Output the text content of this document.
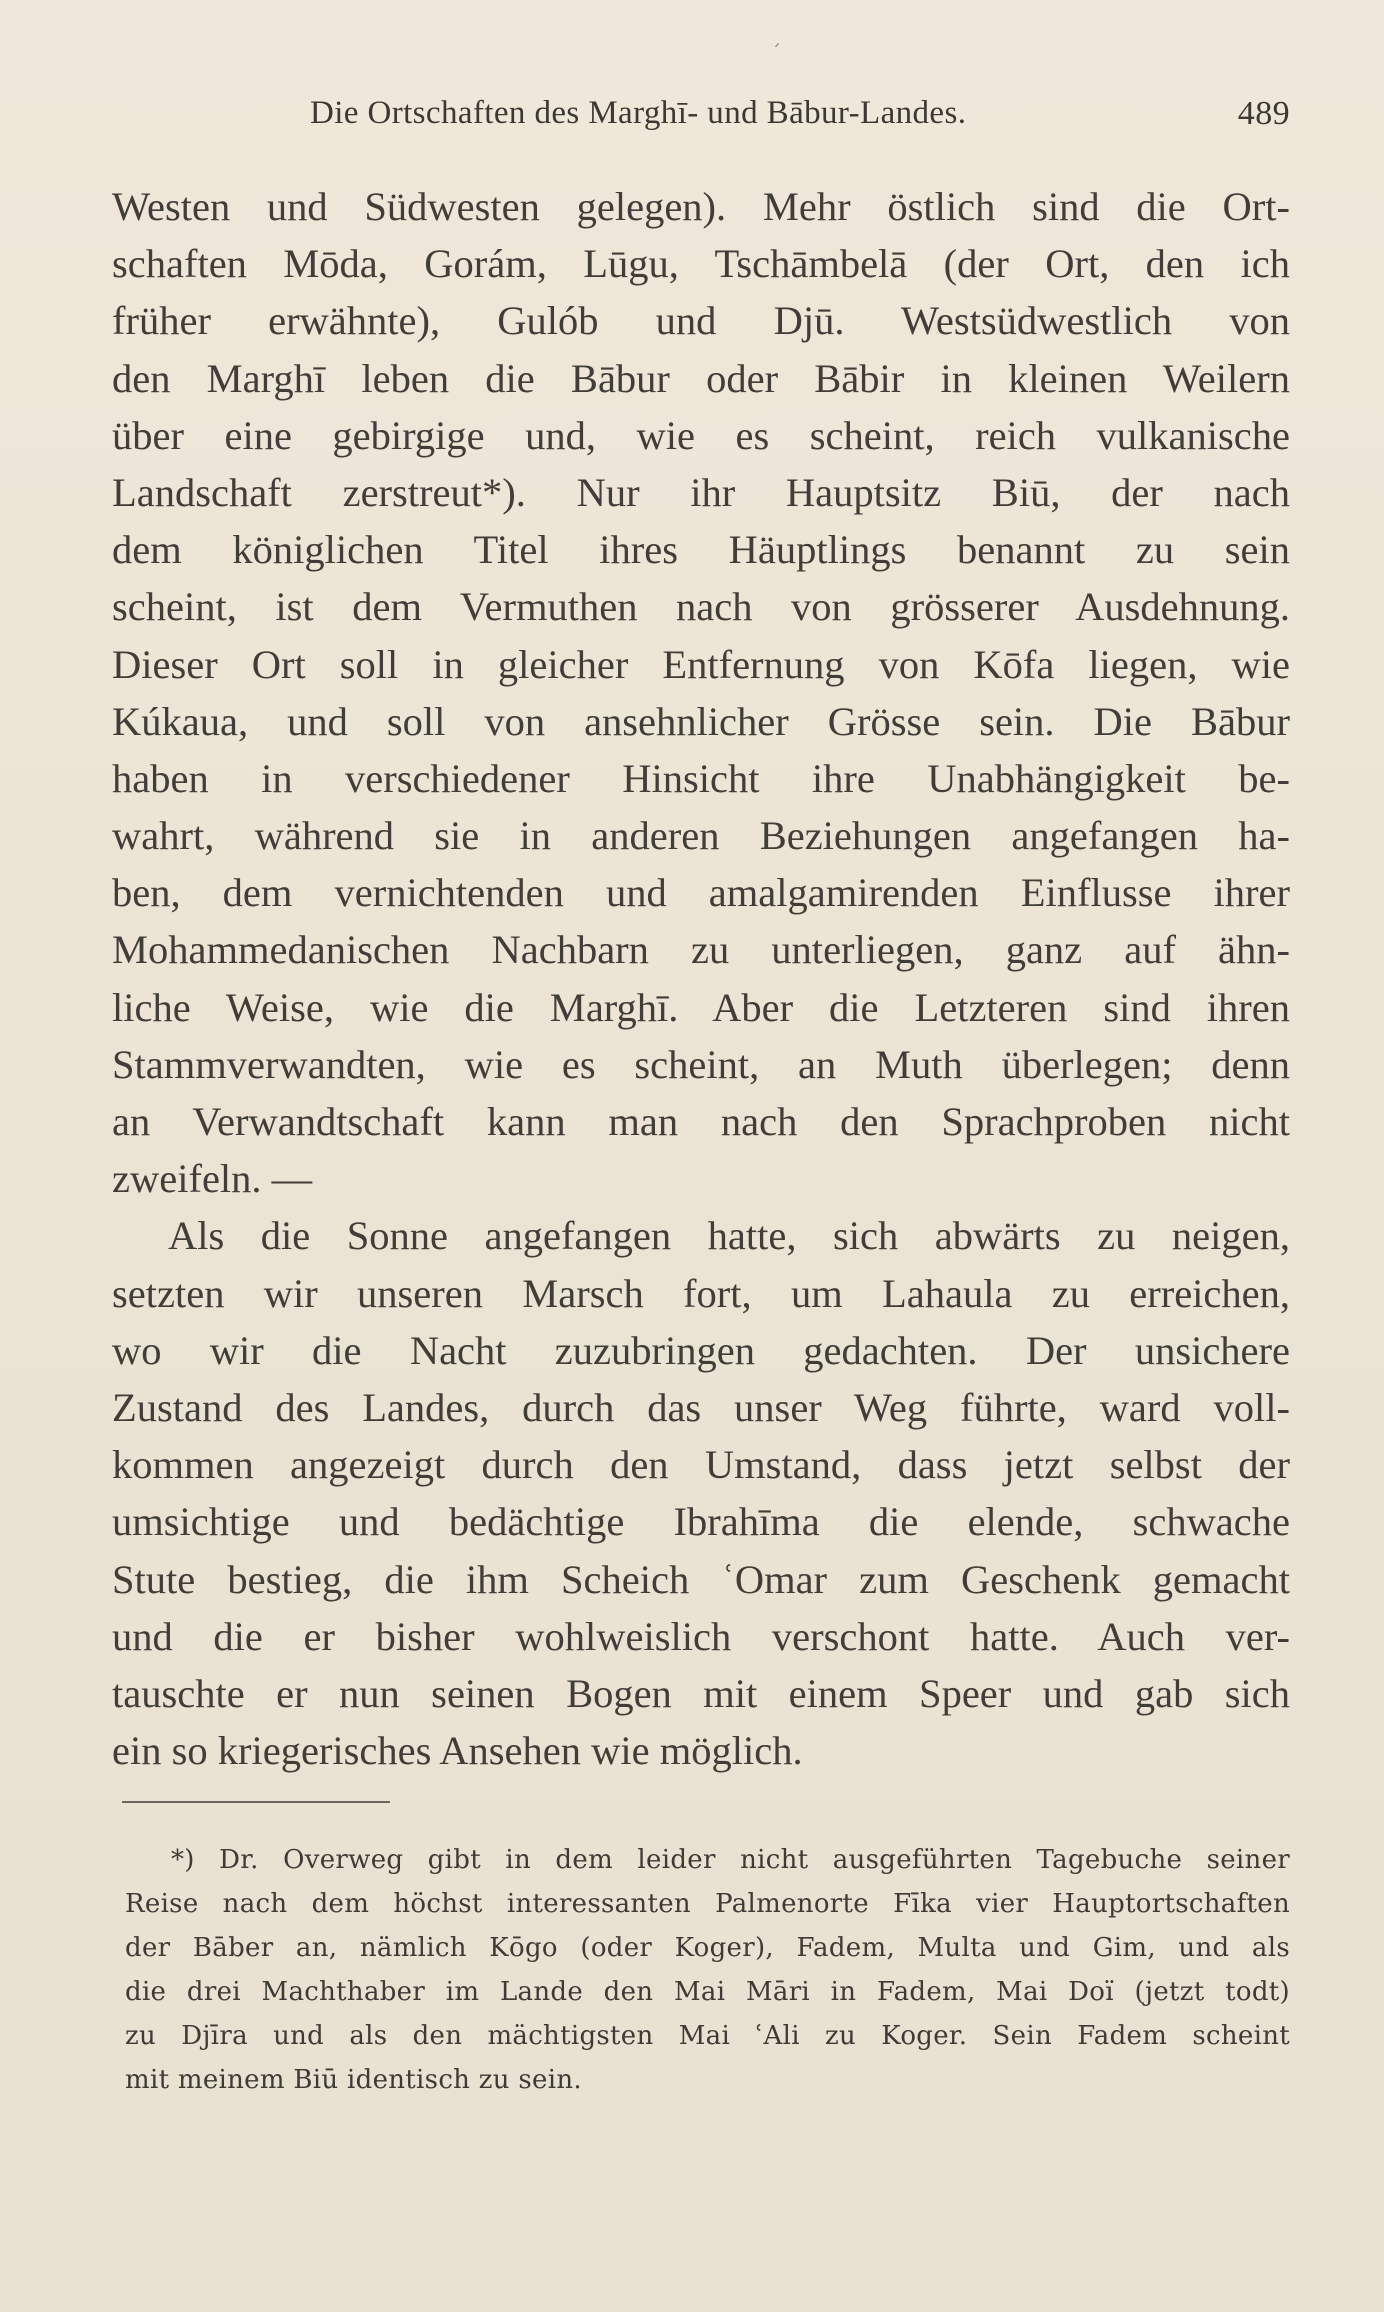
ˊ
Die Ortschaften des Marghī- und Bābur-Landes.	489
Westen und Südwesten gelegen). Mehr östlich sind die Ort-
schaften Mōda, Gorám, Lūgu, Tschāmbelā (der Ort, den ich
früher erwähnte), Gulób und Djū. Westsüdwestlich von
den Marghī leben die Bābur oder Bābir in kleinen Weilern
über eine gebirgige und, wie es scheint, reich vulkanische
Landschaft zerstreut*). Nur ihr Hauptsitz Biū, der nach
dem königlichen Titel ihres Häuptlings benannt zu sein
scheint, ist dem Vermuthen nach von grösserer Ausdehnung.
Dieser Ort soll in gleicher Entfernung von Kōfa liegen, wie
Kúkaua, und soll von ansehnlicher Grösse sein. Die Bābur
haben in verschiedener Hinsicht ihre Unabhängigkeit be-
wahrt, während sie in anderen Beziehungen angefangen ha-
ben, dem vernichtenden und amalgamirenden Einflusse ihrer
Mohammedanischen Nachbarn zu unterliegen, ganz auf ähn-
liche Weise, wie die Marghī. Aber die Letzteren sind ihren
Stammverwandten, wie es scheint, an Muth überlegen; denn
an Verwandtschaft kann man nach den Sprachproben nicht
zweifeln. —
Als die Sonne angefangen hatte, sich abwärts zu neigen,
setzten wir unseren Marsch fort, um Lahaula zu erreichen,
wo wir die Nacht zuzubringen gedachten. Der unsichere
Zustand des Landes, durch das unser Weg führte, ward voll-
kommen angezeigt durch den Umstand, dass jetzt selbst der
umsichtige und bedächtige Ibrahīma die elende, schwache
Stute bestieg, die ihm Scheich ʿOmar zum Geschenk gemacht
und die er bisher wohlweislich verschont hatte. Auch ver-
tauschte er nun seinen Bogen mit einem Speer und gab sich
ein so kriegerisches Ansehen wie möglich.
*) Dr. Overweg gibt in dem leider nicht ausgeführten Tagebuche seiner
Reise nach dem höchst interessanten Palmenorte Fīka vier Hauptortschaften
der Bāber an, nämlich Kōgo (oder Koger), Fadem, Multa und Gim, und als
die drei Machthaber im Lande den Mai Māri in Fadem, Mai Doï (jetzt todt)
zu Djīra und als den mächtigsten Mai ʿAli zu Koger. Sein Fadem scheint
mit meinem Biū identisch zu sein.
